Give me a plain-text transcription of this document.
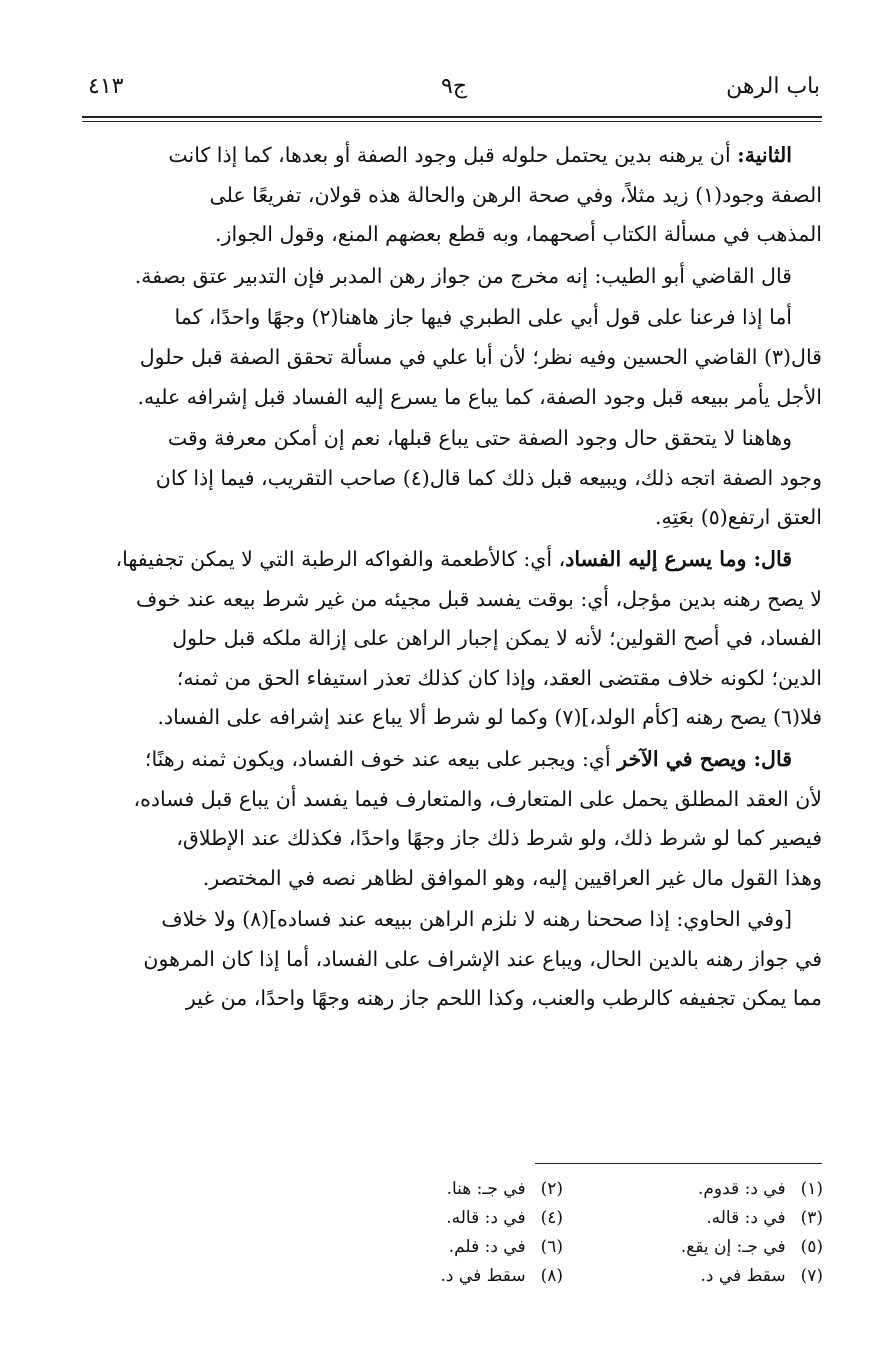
باب الرهن
ج٩
٤١٣

الثانية: أن يرهنه بدين يحتمل حلوله قبل وجود الصفة أو بعدها، كما إذا كانت
الصفة وجود(١) زيد مثلاً، وفي صحة الرهن والحالة هذه قولان، تفريعًا على
المذهب في مسألة الكتاب أصحهما، وبه قطع بعضهم المنع، وقول الجواز.

قال القاضي أبو الطيب: إنه مخرج من جواز رهن المدبر فإن التدبير عتق بصفة.

أما إذا فرعنا على قول أبي على الطبري فيها جاز هاهنا(٢) وجهًا واحدًا، كما
قال(٣) القاضي الحسين وفيه نظر؛ لأن أبا علي في مسألة تحقق الصفة قبل حلول
الأجل يأمر ببيعه قبل وجود الصفة، كما يباع ما يسرع إليه الفساد قبل إشرافه عليه.

وهاهنا لا يتحقق حال وجود الصفة حتى يباع قبلها، نعم إن أمكن معرفة وقت
وجود الصفة اتجه ذلك، ويبيعه قبل ذلك كما قال(٤) صاحب التقريب، فيما إذا كان
العتق ارتفع(٥) بعَتِهِ.

قال: وما يسرع إليه الفساد، أي: كالأطعمة والفواكه الرطبة التي لا يمكن تجفيفها،
لا يصح رهنه بدين مؤجل، أي: بوقت يفسد قبل مجيئه من غير شرط بيعه عند خوف
الفساد، في أصح القولين؛ لأنه لا يمكن إجبار الراهن على إزالة ملكه قبل حلول
الدين؛ لكونه خلاف مقتضى العقد، وإذا كان كذلك تعذر استيفاء الحق من ثمنه؛
فلا(٦) يصح رهنه [كأم الولد،](٧) وكما لو شرط ألا يباع عند إشرافه على الفساد.

قال: ويصح في الآخر أي: ويجبر على بيعه عند خوف الفساد، ويكون ثمنه رهنًا؛
لأن العقد المطلق يحمل على المتعارف، والمتعارف فيما يفسد أن يباع قبل فساده،
فيصير كما لو شرط ذلك، ولو شرط ذلك جاز وجهًا واحدًا، فكذلك عند الإطلاق،
وهذا القول مال غير العراقيين إليه، وهو الموافق لظاهر نصه في المختصر.

[وفي الحاوي: إذا صححنا رهنه لا نلزم الراهن ببيعه عند فساده](٨) ولا خلاف
في جواز رهنه بالدين الحال، ويباع عند الإشراف على الفساد، أما إذا كان المرهون
مما يمكن تجفيفه كالرطب والعنب، وكذا اللحم جاز رهنه وجهًا واحدًا، من غير

(١) في د: قدوم.
(٢) في جـ: هنا.
(٣) في د: قاله.
(٤) في د: قاله.
(٥) في جـ: إن يقع.
(٦) في د: فلم.
(٧) سقط في د.
(٨) سقط في د.
